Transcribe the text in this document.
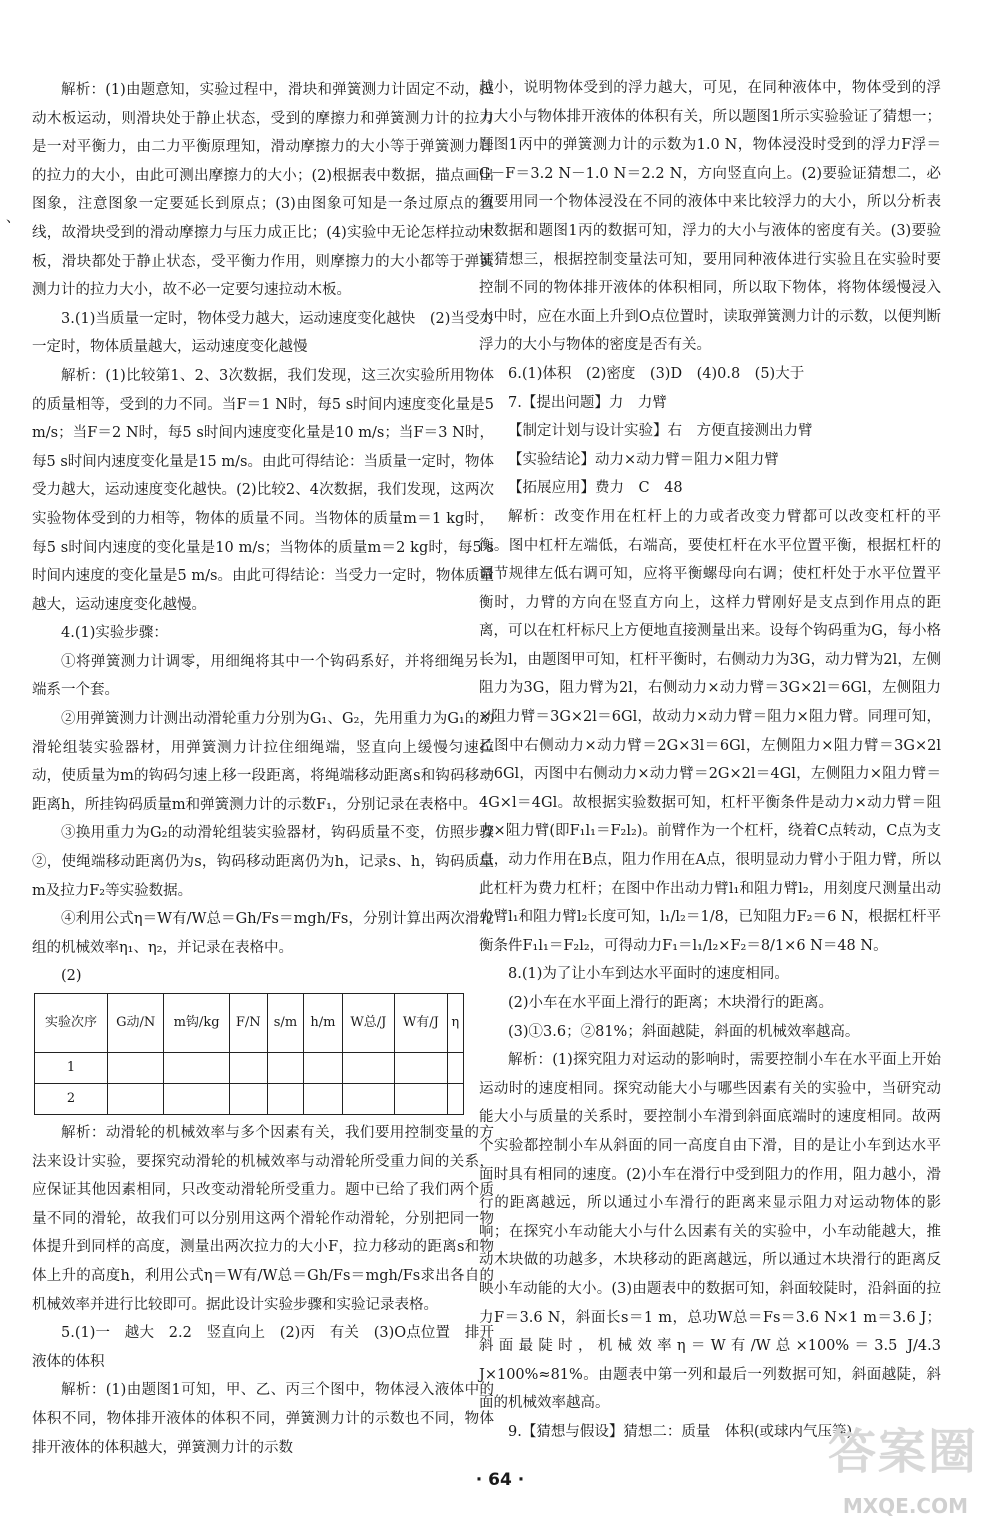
解析：(1)由题意知，实验过程中，滑块和弹簧测力计固定不动，拉动木板运动，则滑块处于静止状态，受到的摩擦力和弹簧测力计的拉力是一对平衡力，由二力平衡原理知，滑动摩擦力的大小等于弹簧测力计的拉力的大小，由此可测出摩擦力的大小；(2)根据表中数据，描点画出图象，注意图象一定要延长到原点；(3)由图象可知是一条过原点的直线，故滑块受到的滑动摩擦力与压力成正比；(4)实验中无论怎样拉动木板，滑块都处于静止状态，受平衡力作用，则摩擦力的大小都等于弹簧测力计的拉力大小，故不必一定要匀速拉动木板。

3.(1)当质量一定时，物体受力越大，运动速度变化越快　(2)当受力一定时，物体质量越大，运动速度变化越慢

解析：(1)比较第1、2、3次数据，我们发现，这三次实验所用物体的质量相等，受到的力不同。当F＝1 N时，每5 s时间内速度变化量是5 m/s；当F＝2 N时，每5 s时间内速度变化量是10 m/s；当F＝3 N时，每5 s时间内速度变化量是15 m/s。由此可得结论：当质量一定时，物体受力越大，运动速度变化越快。(2)比较2、4次数据，我们发现，这两次实验物体受到的力相等，物体的质量不同。当物体的质量m＝1 kg时，每5 s时间内速度的变化量是10 m/s；当物体的质量m＝2 kg时，每5 s时间内速度的变化量是5 m/s。由此可得结论：当受力一定时，物体质量越大，运动速度变化越慢。

4.(1)实验步骤：

①将弹簧测力计调零，用细绳将其中一个钩码系好，并将细绳另一端系一个套。

②用弹簧测力计测出动滑轮重力分别为G₁、G₂，先用重力为G₁的动滑轮组装实验器材，用弹簧测力计拉住细绳端，竖直向上缓慢匀速拉动，使质量为m的钩码匀速上移一段距离，将绳端移动距离s和钩码移动距离h，所挂钩码质量m和弹簧测力计的示数F₁，分别记录在表格中。

③换用重力为G₂的动滑轮组装实验器材，钩码质量不变，仿照步骤②，使绳端移动距离仍为s，钩码移动距离仍为h，记录s、h，钩码质量m及拉力F₂等实验数据。

④利用公式η＝W有/W总＝Gh/Fs＝mgh/Fs，分别计算出两次滑轮组的机械效率η₁、η₂，并记录在表格中。

(2)

实验次序	G动/N	m钩/kg	F/N	s/m	h/m	W总/J	W有/J	η
1								
2								

解析：动滑轮的机械效率与多个因素有关，我们要用控制变量的方法来设计实验，要探究动滑轮的机械效率与动滑轮所受重力间的关系，应保证其他因素相同，只改变动滑轮所受重力。题中已给了我们两个质量不同的滑轮，故我们可以分别用这两个滑轮作动滑轮，分别把同一物体提升到同样的高度，测量出两次拉力的大小F，拉力移动的距离s和物体上升的高度h，利用公式η＝W有/W总＝Gh/Fs＝mgh/Fs求出各自的机械效率并进行比较即可。据此设计实验步骤和实验记录表格。

5.(1)一　越大　2.2　竖直向上　(2)丙　有关　(3)O点位置　排开液体的体积

解析：(1)由题图1可知，甲、乙、丙三个图中，物体浸入液体中的体积不同，物体排开液体的体积不同，弹簧测力计的示数也不同，物体排开液体的体积越大，弹簧测力计的示数

越小，说明物体受到的浮力越大，可见，在同种液体中，物体受到的浮力大小与物体排开液体的体积有关，所以题图1所示实验验证了猜想一；题图1丙中的弹簧测力计的示数为1.0 N，物体浸没时受到的浮力F浮＝G－F＝3.2 N－1.0 N＝2.2 N，方向竖直向上。(2)要验证猜想二，必须要用同一个物体浸没在不同的液体中来比较浮力的大小，所以分析表中数据和题图1丙的数据可知，浮力的大小与液体的密度有关。(3)要验证猜想三，根据控制变量法可知，要用同种液体进行实验且在实验时要控制不同的物体排开液体的体积相同，所以取下物体，将物体缓慢浸入水中时，应在水面上升到O点位置时，读取弹簧测力计的示数，以便判断浮力的大小与物体的密度是否有关。

6.(1)体积　(2)密度　(3)D　(4)0.8　(5)大于

7.【提出问题】力　力臂

【制定计划与设计实验】右　方便直接测出力臂

【实验结论】动力×动力臂＝阻力×阻力臂

【拓展应用】费力　C　48

解析：改变作用在杠杆上的力或者改变力臂都可以改变杠杆的平衡。图中杠杆左端低，右端高，要使杠杆在水平位置平衡，根据杠杆的调节规律左低右调可知，应将平衡螺母向右调；使杠杆处于水平位置平衡时，力臂的方向在竖直方向上，这样力臂刚好是支点到作用点的距离，可以在杠杆标尺上方便地直接测量出来。设每个钩码重为G，每小格长为l，由题图甲可知，杠杆平衡时，右侧动力为3G，动力臂为2l，左侧阻力为3G，阻力臂为2l，右侧动力×动力臂＝3G×2l＝6Gl，左侧阻力×阻力臂＝3G×2l＝6Gl，故动力×动力臂＝阻力×阻力臂。同理可知，乙图中右侧动力×动力臂＝2G×3l＝6Gl，左侧阻力×阻力臂＝3G×2l＝6Gl，丙图中右侧动力×动力臂＝2G×2l＝4Gl，左侧阻力×阻力臂＝4G×l＝4Gl。故根据实验数据可知，杠杆平衡条件是动力×动力臂＝阻力×阻力臂(即F₁l₁＝F₂l₂)。前臂作为一个杠杆，绕着C点转动，C点为支点，动力作用在B点，阻力作用在A点，很明显动力臂小于阻力臂，所以此杠杆为费力杠杆；在图中作出动力臂l₁和阻力臂l₂，用刻度尺测量出动力臂l₁和阻力臂l₂长度可知，l₁/l₂＝1/8，已知阻力F₂＝6 N，根据杠杆平衡条件F₁l₁＝F₂l₂，可得动力F₁＝l₁/l₂×F₂＝8/1×6 N＝48 N。

8.(1)为了让小车到达水平面时的速度相同。

(2)小车在水平面上滑行的距离；木块滑行的距离。

(3)①3.6；②81%；斜面越陡，斜面的机械效率越高。

解析：(1)探究阻力对运动的影响时，需要控制小车在水平面上开始运动时的速度相同。探究动能大小与哪些因素有关的实验中，当研究动能大小与质量的关系时，要控制小车滑到斜面底端时的速度相同。故两个实验都控制小车从斜面的同一高度自由下滑，目的是让小车到达水平面时具有相同的速度。(2)小车在滑行中受到阻力的作用，阻力越小，滑行的距离越远，所以通过小车滑行的距离来显示阻力对运动物体的影响；在探究小车动能大小与什么因素有关的实验中，小车动能越大，推动木块做的功越多，木块移动的距离越远，所以通过木块滑行的距离反映小车动能的大小。(3)由题表中的数据可知，斜面较陡时，沿斜面的拉力F＝3.6 N，斜面长s＝1 m，总功W总＝Fs＝3.6 N×1 m＝3.6 J；斜面最陡时，机械效率η＝W有/W总×100%＝3.5 J/4.3 J×100%≈81%。由题表中第一列和最后一列数据可知，斜面越陡，斜面的机械效率越高。

9.【猜想与假设】猜想二：质量　体积(或球内气压等)

、
· 64 ·	答案圈
MXQE.COM
